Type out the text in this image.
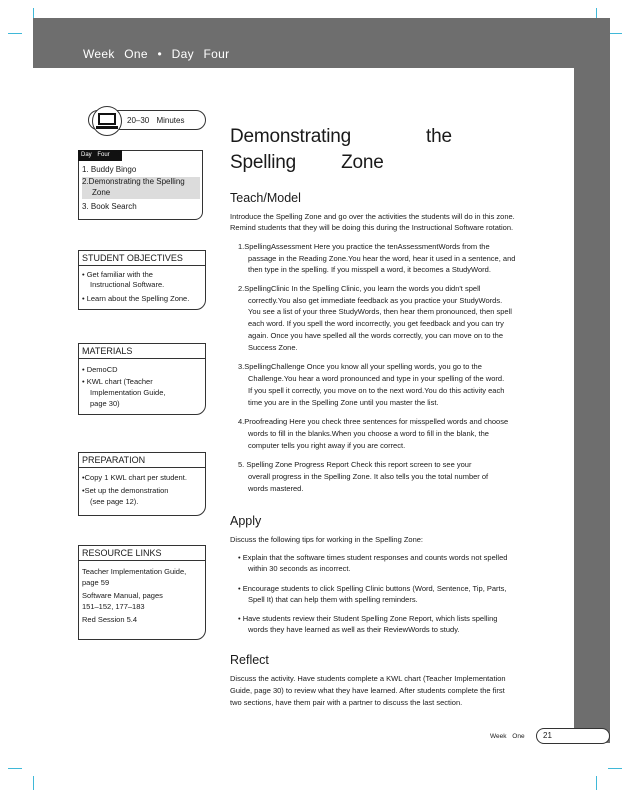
Week One • Day Four
20–30 Minutes
Day Four
1. Buddy Bingo
2.Demonstrating the Spelling
Zone
3. Book Search
STUDENT OBJECTIVES
• Get familiar with the
Instructional Software.
• Learn about the Spelling Zone.
MATERIALS
• DemoCD
• KWL chart (Teacher
Implementation Guide,
page 30)
PREPARATION
•Copy 1 KWL chart per student.
•Set up the demonstration
(see page 12).
RESOURCE LINKS
Teacher Implementation Guide,
page 59
Software Manual, pages
151–152, 177–183
Red Session 5.4
Demonstrating the
Spelling Zone
Teach/Model
Introduce the Spelling Zone and go over the activities the students will do in this zone.
Remind students that they will be doing this during the Instructional Software rotation.
1.SpellingAssessment Here you practice the tenAssessmentWords from the
passage in the Reading Zone.You hear the word, hear it used in a sentence, and
then type in the spelling. If you misspell a word, it becomes a StudyWord.
2.SpellingClinic In the Spelling Clinic, you learn the words you didn't spell
correctly.You also get immediate feedback as you practice your StudyWords.
You see a list of your three StudyWords, then hear them pronounced, then spell
each word. If you spell the word incorrectly, you get feedback and you can try
again. Once you have spelled all the words correctly, you can move on to the
Success Zone.
3.SpellingChallenge Once you know all your spelling words, you go to the
Challenge.You hear a word pronounced and type in your spelling of the word.
If you spell it correctly, you move on to the next word.You do this activity each
time you are in the Spelling Zone until you master the list.
4.Proofreading Here you check three sentences for misspelled words and choose
words to fill in the blanks.When you choose a word to fill in the blank, the
computer tells you right away if you are correct.
5. Spelling Zone Progress Report Check this report screen to see your
overall progress in the Spelling Zone. It also tells you the total number of
words mastered.
Apply
Discuss the following tips for working in the Spelling Zone:
• Explain that the software times student responses and counts words not spelled
within 30 seconds as incorrect.
• Encourage students to click Spelling Clinic buttons (Word, Sentence, Tip, Parts,
Spell It) that can help them with spelling reminders.
• Have students review their Student Spelling Zone Report, which lists spelling
words they have learned as well as their ReviewWords to study.
Reflect
Discuss the activity. Have students complete a KWL chart (Teacher Implementation
Guide, page 30) to review what they have learned. After students complete the first
two sections, have them pair with a partner to discuss the last section.
Week One 21
